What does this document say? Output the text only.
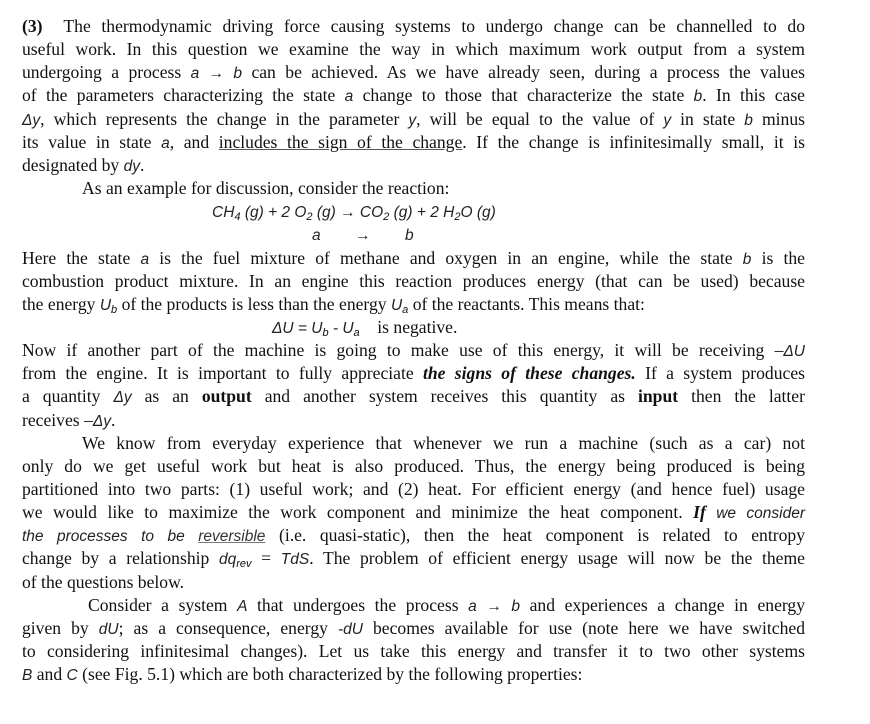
(3)  The thermodynamic driving force causing systems to undergo change can be channelled to do
useful work. In this question we examine the way in which maximum work output from a system
undergoing a process a → b can be achieved. As we have already seen, during a process the values
of the parameters characterizing the state a change to those that characterize the state b. In this case
Δy, which represents the change in the parameter y, will be equal to the value of y in state b minus
its value in state a, and includes the sign of the change. If the change is infinitesimally small, it is
designated by dy.
As an example for discussion, consider the reaction:
$CH_4$ (g) + 2 $O_2$ $(g) \to CO_2$ (g) + 2 $H_2O$ (g)
a        →        b
Here the state a is the fuel mixture of methane and oxygen in an engine, while the state b is the
combustion product mixture. In an engine this reaction produces energy (that can be used) because
the energy $U_b$ of the products is less than the energy $U_a$ of the reactants. This means that:
$\Delta U = U_b - U_a$    is negative.
Now if another part of the machine is going to make use of this energy, it will be receiving –ΔU
from the engine. It is important to fully appreciate the signs of these changes. If a system produces
a quantity Δy as an output and another system receives this quantity as input then the latter
receives –Δy.
We know from everyday experience that whenever we run a machine (such as a car) not
only do we get useful work but heat is also produced. Thus, the energy being produced is being
partitioned into two parts: (1) useful work; and (2) heat. For efficient energy (and hence fuel) usage
we would like to maximize the work component and minimize the heat component. If we consider
the processes to be reversible (i.e. quasi-static), then the heat component is related to entropy
change by a relationship $dq_{rev}$ = TdS. The problem of efficient energy usage will now be the theme
of the questions below.
Consider a system A that undergoes the process a → b and experiences a change in energy
given by dU; as a consequence, energy -dU becomes available for use (note here we have switched
to considering infinitesimal changes). Let us take this energy and transfer it to two other systems
B and C (see Fig. 5.1) which are both characterized by the following properties:
